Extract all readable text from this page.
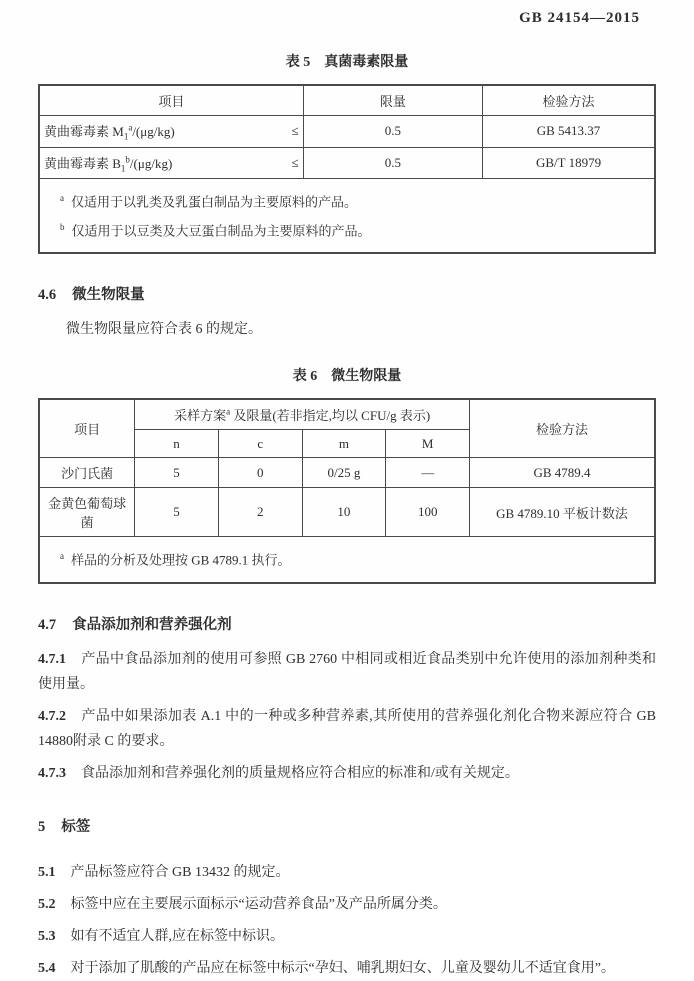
GB 24154—2015
表 5 真菌毒素限量
项目	限量	检验方法

黄曲霉毒素 $M_1^a/(\mu g/kg)$ ≤	0.5	GB 5413.37

黄曲霉毒素 $B_1^b/(\mu g/kg)$ ≤	0.5	GB/T 18979

$^a$ 仅适用于以乳类及乳蛋白制品为主要原料的产品。
$^b$ 仅适用于以豆类及大豆蛋白制品为主要原料的产品。		
4.6 微生物限量

微生物限量应符合表 6 的规定。

表 6 微生物限量
项目	采样方案$^a$ 及限量(若非指定,均以 CFU/g 表示)				检验方法
	n	c	m	M	
沙门氏菌	5	0	0/25 g	—	GB 4789.4
金黄色葡萄球菌	5	2	10	100	GB 4789.10 平板计数法

$^a$ 样品的分析及处理按 GB 4789.1 执行。					
4.7 食品添加剂和营养强化剂

4.7.1 产品中食品添加剂的使用可参照 GB 2760 中相同或相近食品类别中允许使用的添加剂种类和使用量。

4.7.2 产品中如果添加表 A.1 中的一种或多种营养素,其所使用的营养强化剂化合物来源应符合 GB 14880附录 C 的要求。

4.7.3 食品添加剂和营养强化剂的质量规格应符合相应的标准和/或有关规定。

5 标签

5.1 产品标签应符合 GB 13432 的规定。

5.2 标签中应在主要展示面标示“运动营养食品”及产品所属分类。

5.3 如有不适宜人群,应在标签中标识。

5.4 对于添加了肌酸的产品应在标签中标示“孕妇、哺乳期妇女、儿童及婴幼儿不适宜食用”。
